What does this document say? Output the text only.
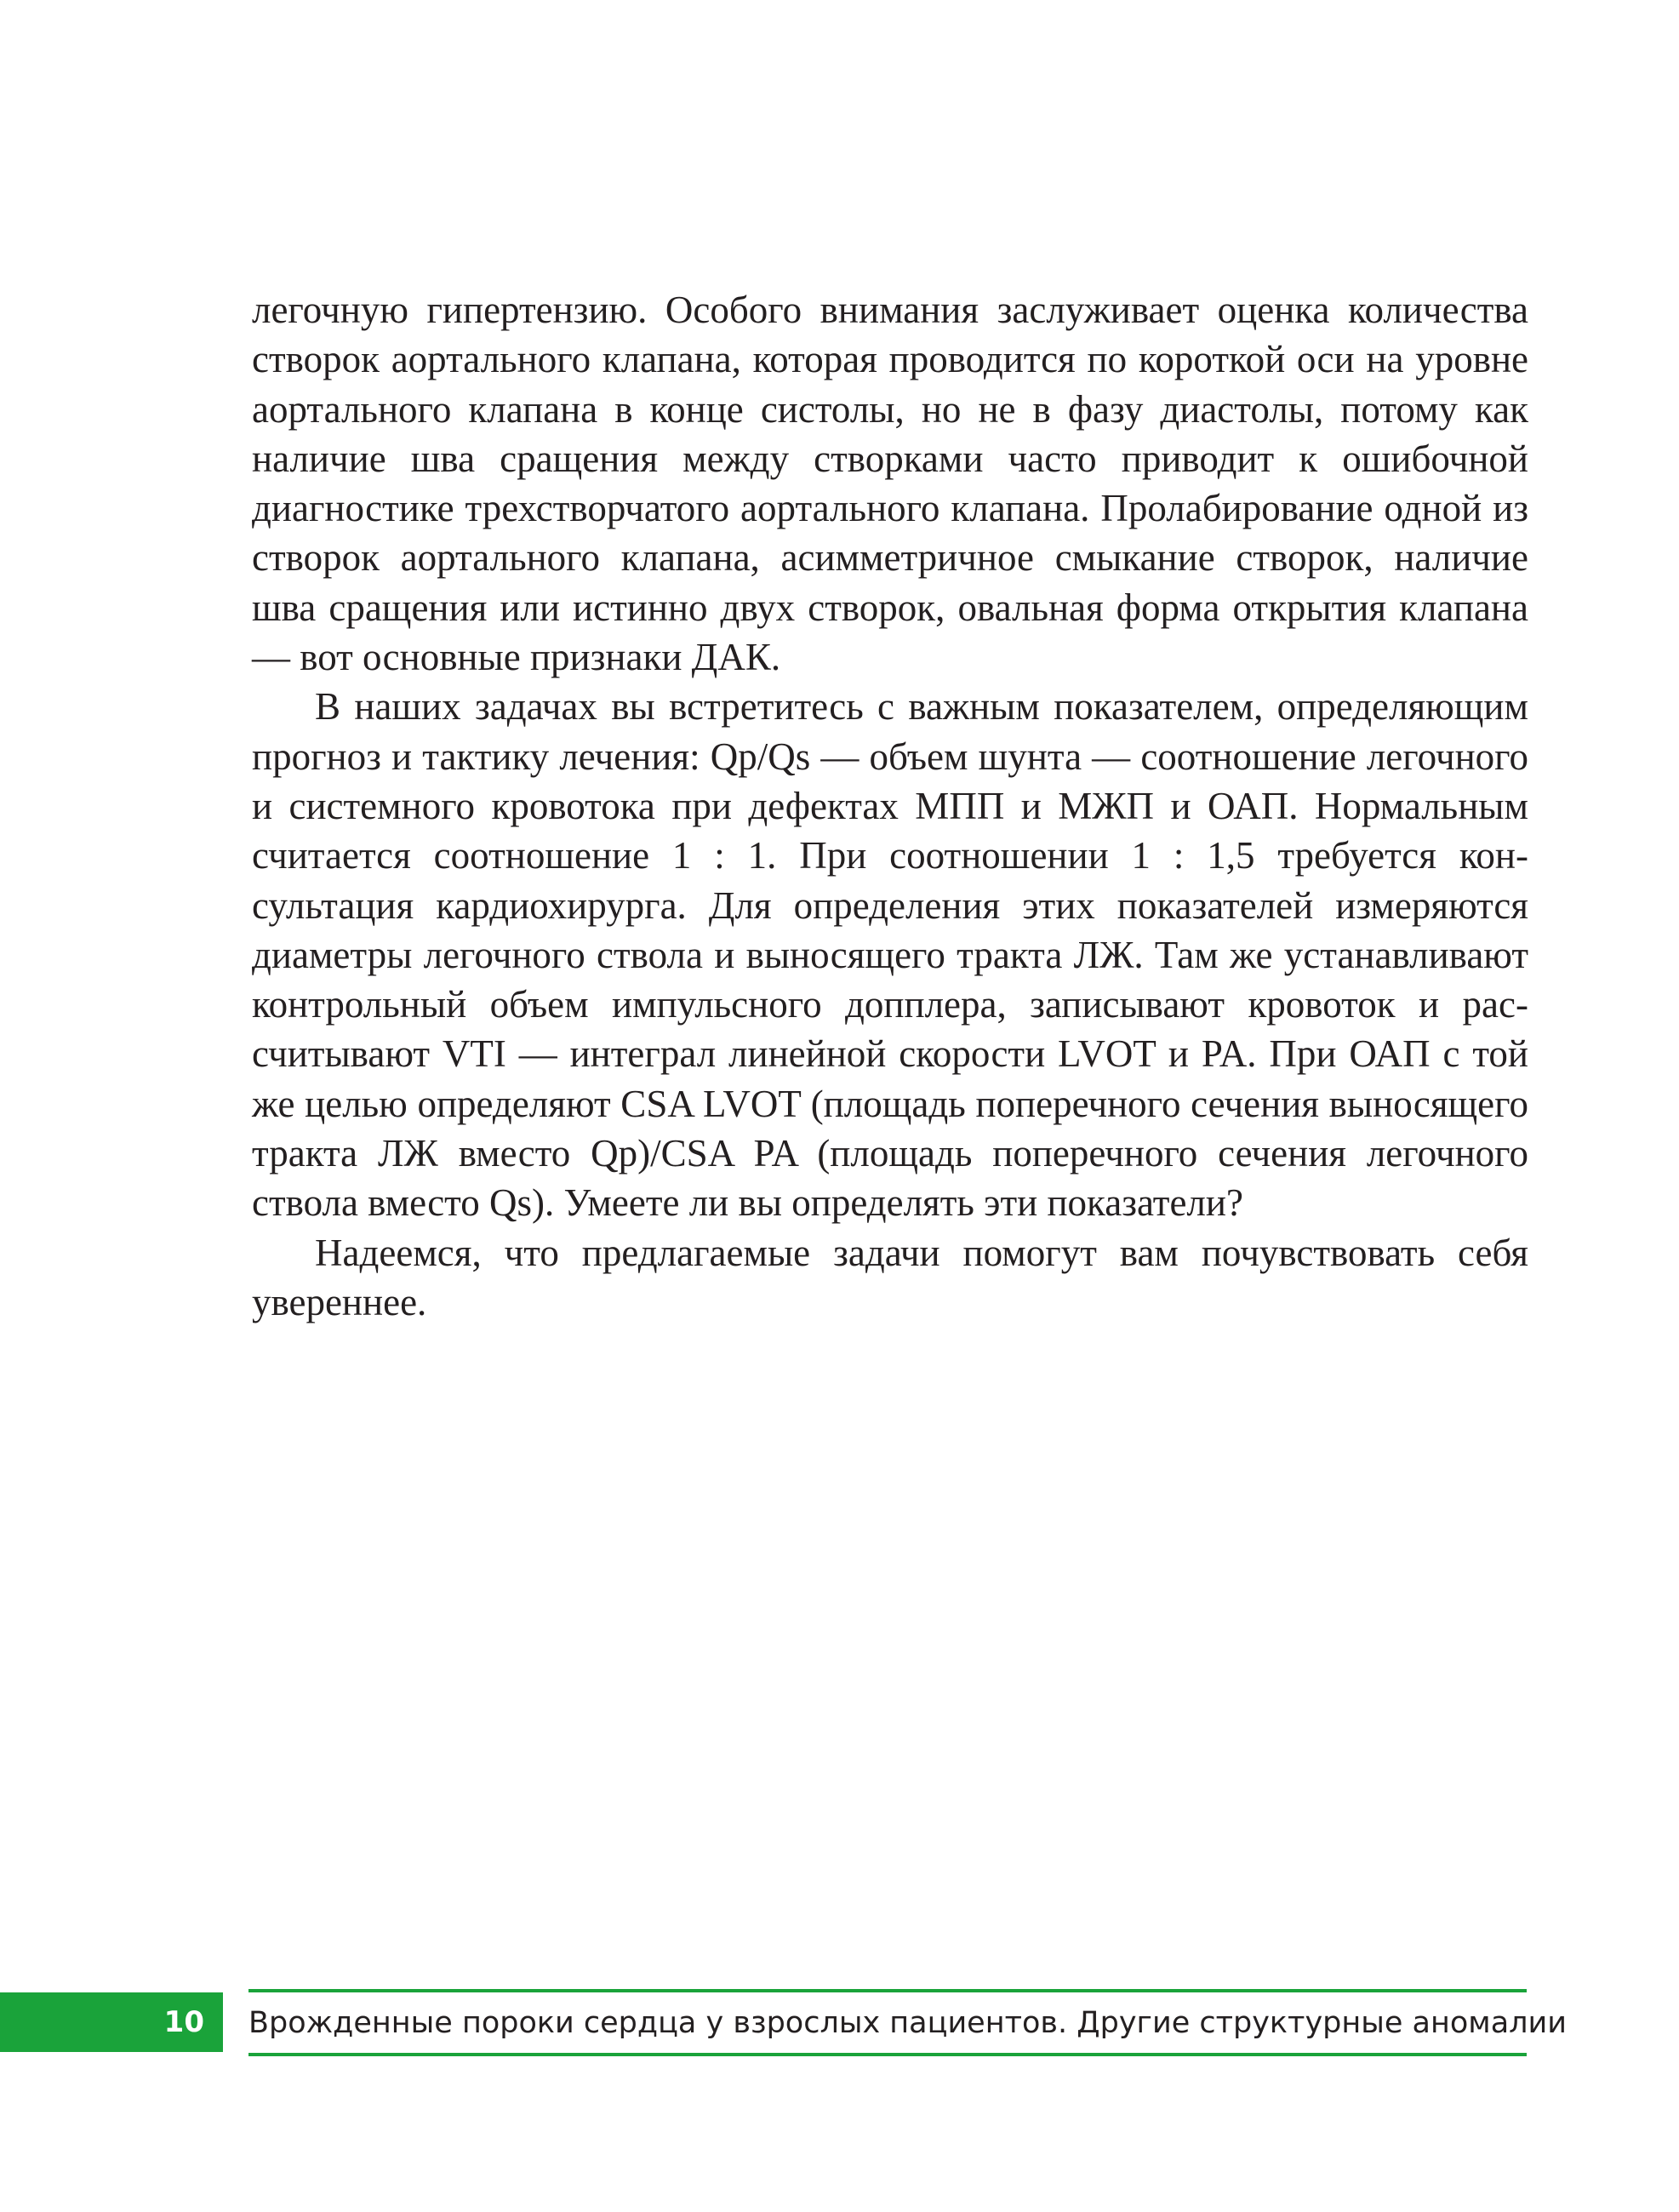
легочную гипертензию. Особого внимания заслуживает оценка количества створок аортального клапана, которая проводится по короткой оси на уровне аортального клапана в конце систолы, но не в фазу диастолы, потому как наличие шва сращения между створками часто приводит к ошибочной диагностике трехстворчатого аортального клапана. Пролабирование одной из створок аортального клапана, асимметричное смыкание створок, наличие шва сращения или истинно двух створок, овальная форма открытия клапана — вот основные признаки ДАК.

В наших задачах вы встретитесь с важным показателем, определяющим прогноз и тактику лечения: Qp/Qs — объем шунта — соотношение легочного и системного кровотока при дефектах МПП и МЖП и ОАП. Нормальным считается соотношение 1 : 1. При соотношении 1 : 1,5 требуется консультация кардиохирурга. Для определения этих показателей измеряются диаметры легочного ствола и выносящего тракта ЛЖ. Там же устанавливают контрольный объем импульсного допплера, записывают кровоток и рассчитывают VTI — интеграл линейной скорости LVOT и PA. При ОАП с той же целью определяют CSA LVOT (площадь поперечного сечения выносящего тракта ЛЖ вместо Qp)/CSA PA (площадь поперечного сечения легочного ствола вместо Qs). Умеете ли вы определять эти показатели?

Надеемся, что предлагаемые задачи помогут вам почувствовать себя увереннее.

10 Врожденные пороки сердца у взрослых пациентов. Другие структурные аномалии
